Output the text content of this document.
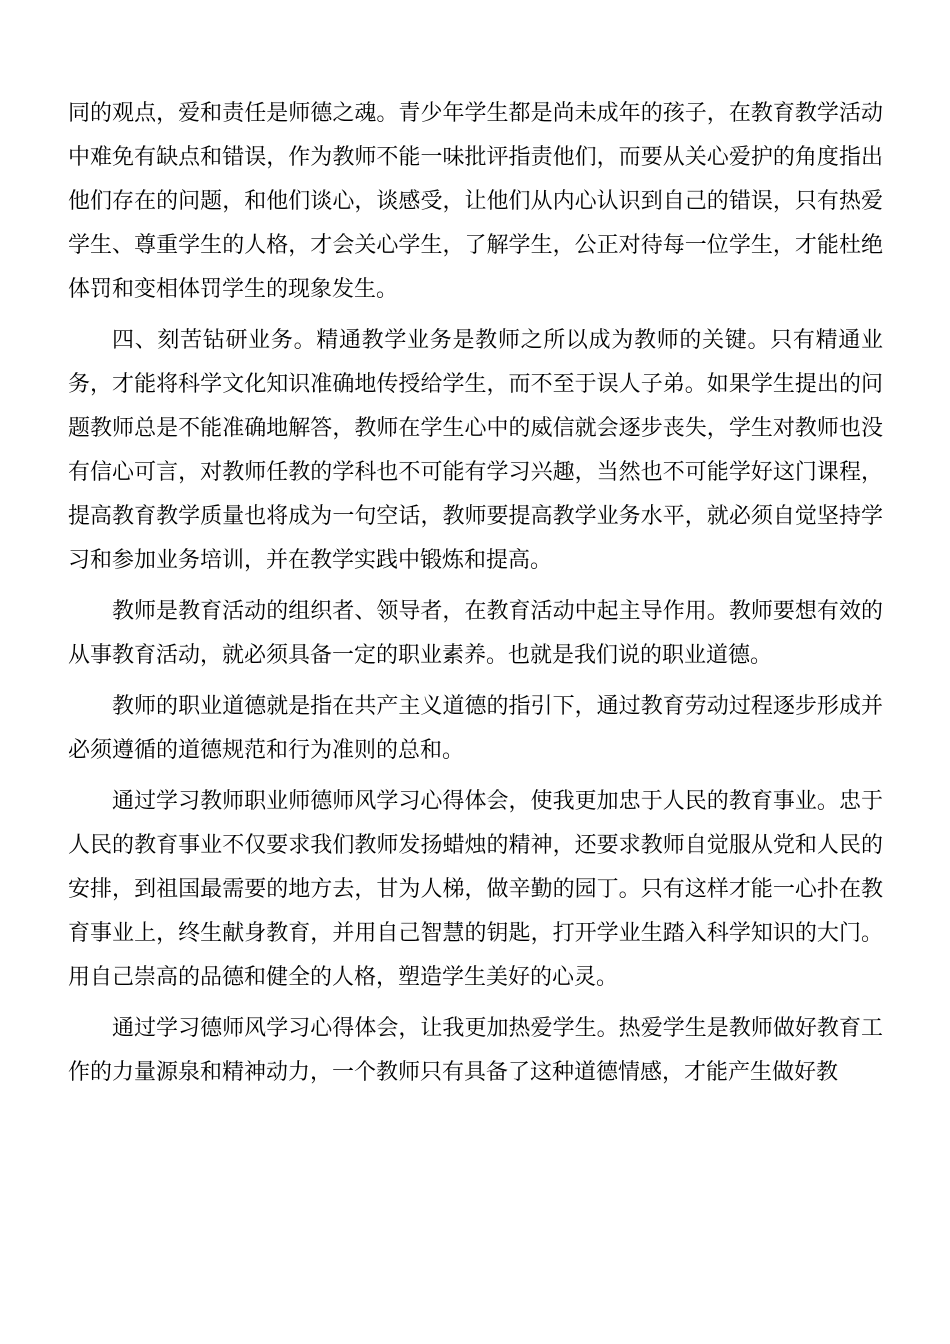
同的观点，爱和责任是师德之魂。青少年学生都是尚未成年的孩子，在教育教学活动中难免有缺点和错误，作为教师不能一味批评指责他们，而要从关心爱护的角度指出他们存在的问题，和他们谈心，谈感受，让他们从内心认识到自己的错误，只有热爱学生、尊重学生的人格，才会关心学生，了解学生，公正对待每一位学生，才能杜绝体罚和变相体罚学生的现象发生。

四、刻苦钻研业务。精通教学业务是教师之所以成为教师的关键。只有精通业务，才能将科学文化知识准确地传授给学生，而不至于误人子弟。如果学生提出的问题教师总是不能准确地解答，教师在学生心中的威信就会逐步丧失，学生对教师也没有信心可言，对教师任教的学科也不可能有学习兴趣，当然也不可能学好这门课程，提高教育教学质量也将成为一句空话，教师要提高教学业务水平，就必须自觉坚持学习和参加业务培训，并在教学实践中锻炼和提高。

教师是教育活动的组织者、领导者，在教育活动中起主导作用。教师要想有效的从事教育活动，就必须具备一定的职业素养。也就是我们说的职业道德。

教师的职业道德就是指在共产主义道德的指引下，通过教育劳动过程逐步形成并必须遵循的道德规范和行为准则的总和。

通过学习教师职业师德师风学习心得体会，使我更加忠于人民的教育事业。忠于人民的教育事业不仅要求我们教师发扬蜡烛的精神，还要求教师自觉服从党和人民的安排，到祖国最需要的地方去，甘为人梯，做辛勤的园丁。只有这样才能一心扑在教育事业上，终生献身教育，并用自己智慧的钥匙，打开学业生踏入科学知识的大门。用自己崇高的品德和健全的人格，塑造学生美好的心灵。

通过学习德师风学习心得体会，让我更加热爱学生。热爱学生是教师做好教育工作的力量源泉和精神动力，一个教师只有具备了这种道德情感，才能产生做好教
